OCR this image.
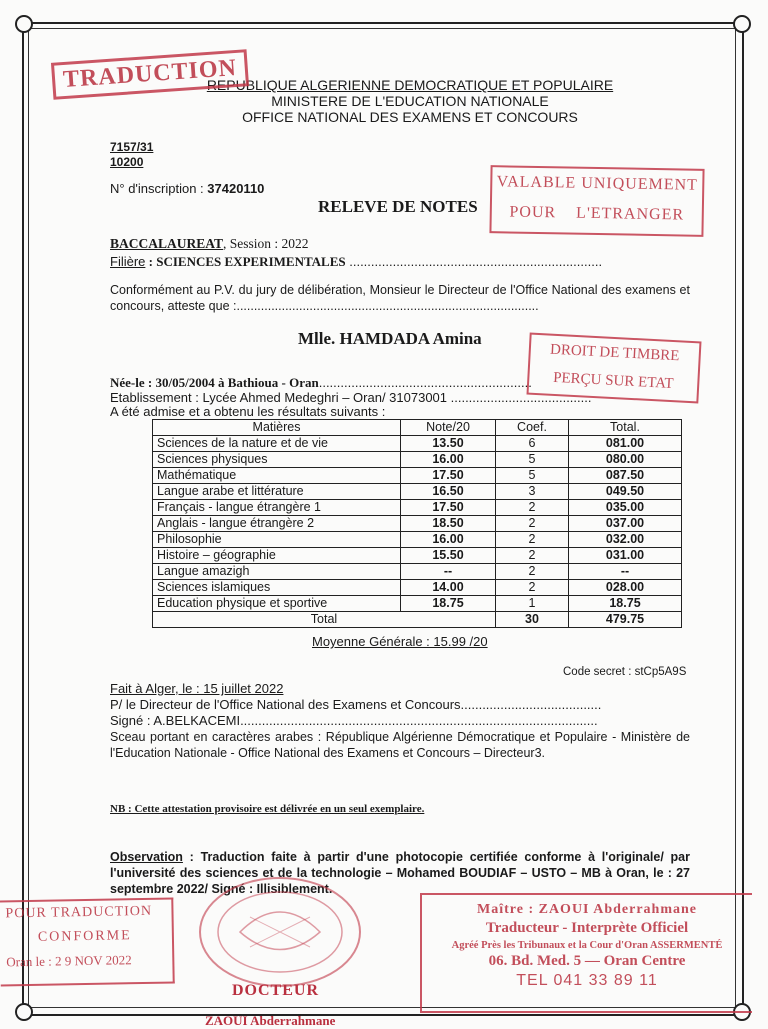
REPUBLIQUE ALGERIENNE DEMOCRATIQUE ET POPULAIRE
MINISTERE DE L'EDUCATION NATIONALE
OFFICE NATIONAL DES EXAMENS ET CONCOURS
TRADUCTION
7157/31
10200
N° d'inscription : 37420110	VALABLE UNIQUEMENT
POUR    L'ETRANGER
RELEVE DE NOTES
BACCALAUREAT, Session : 2022
Filière : SCIENCES EXPERIMENTALES ......................................................................
Conformément au P.V. du jury de délibération, Monsieur le Directeur de l'Office National des examens et concours, atteste que :.......................................................................................
Mlle. HAMDADA Amina
DROIT DE TIMBRE
PERÇU SUR ETAT
Née-le : 30/05/2004 à Bathioua - Oran...........................................................
Etablissement : Lycée Ahmed Medeghri – Oran/ 31073001 .......................................
A été admise et a obtenu les résultats suivants :
Matières	Note/20	Coef.	Total.
Sciences de la nature et de vie	13.50	6	081.00
Sciences physiques	16.00	5	080.00
Mathématique	17.50	5	087.50
Langue arabe et littérature	16.50	3	049.50
Français - langue étrangère 1	17.50	2	035.00
Anglais - langue étrangère 2	18.50	2	037.00
Philosophie	16.00	2	032.00
Histoire – géographie	15.50	2	031.00
Langue amazigh	--	2	--
Sciences islamiques	14.00	2	028.00
Education physique et sportive	18.75	1	18.75
Total		30	479.75
Moyenne Générale : 15.99 /20
Code secret : stCp5A9S
Fait à Alger, le : 15 juillet 2022
P/ le Directeur de l'Office National des Examens et Concours.......................................
Signé : A.BELKACEMI...................................................................................................
Sceau portant en caractères arabes : République Algérienne Démocratique et Populaire - Ministère de l'Education Nationale - Office National des Examens et Concours – Directeur3.
NB : Cette attestation provisoire est délivrée en un seul exemplaire.
Observation : Traduction faite à partir d'une photocopie certifiée conforme à l'originale/ par l'université des sciences et de la technologie – Mohamed BOUDIAF – USTO – MB à Oran, le : 27 septembre 2022/ Signé : Illisiblement.
POUR TRADUCTION
CONFORME
Oran le : 2 9 NOV 2022
DOCTEUR
ZAOUI Abderrahmane
Maître : ZAOUI Abderrahmane
Traducteur - Interprète Officiel
Agréé Près les Tribunaux et la Cour d'Oran ASSERMENTÉ
06. Bd. Med. 5 — Oran Centre
TEL 041 33 89 11
